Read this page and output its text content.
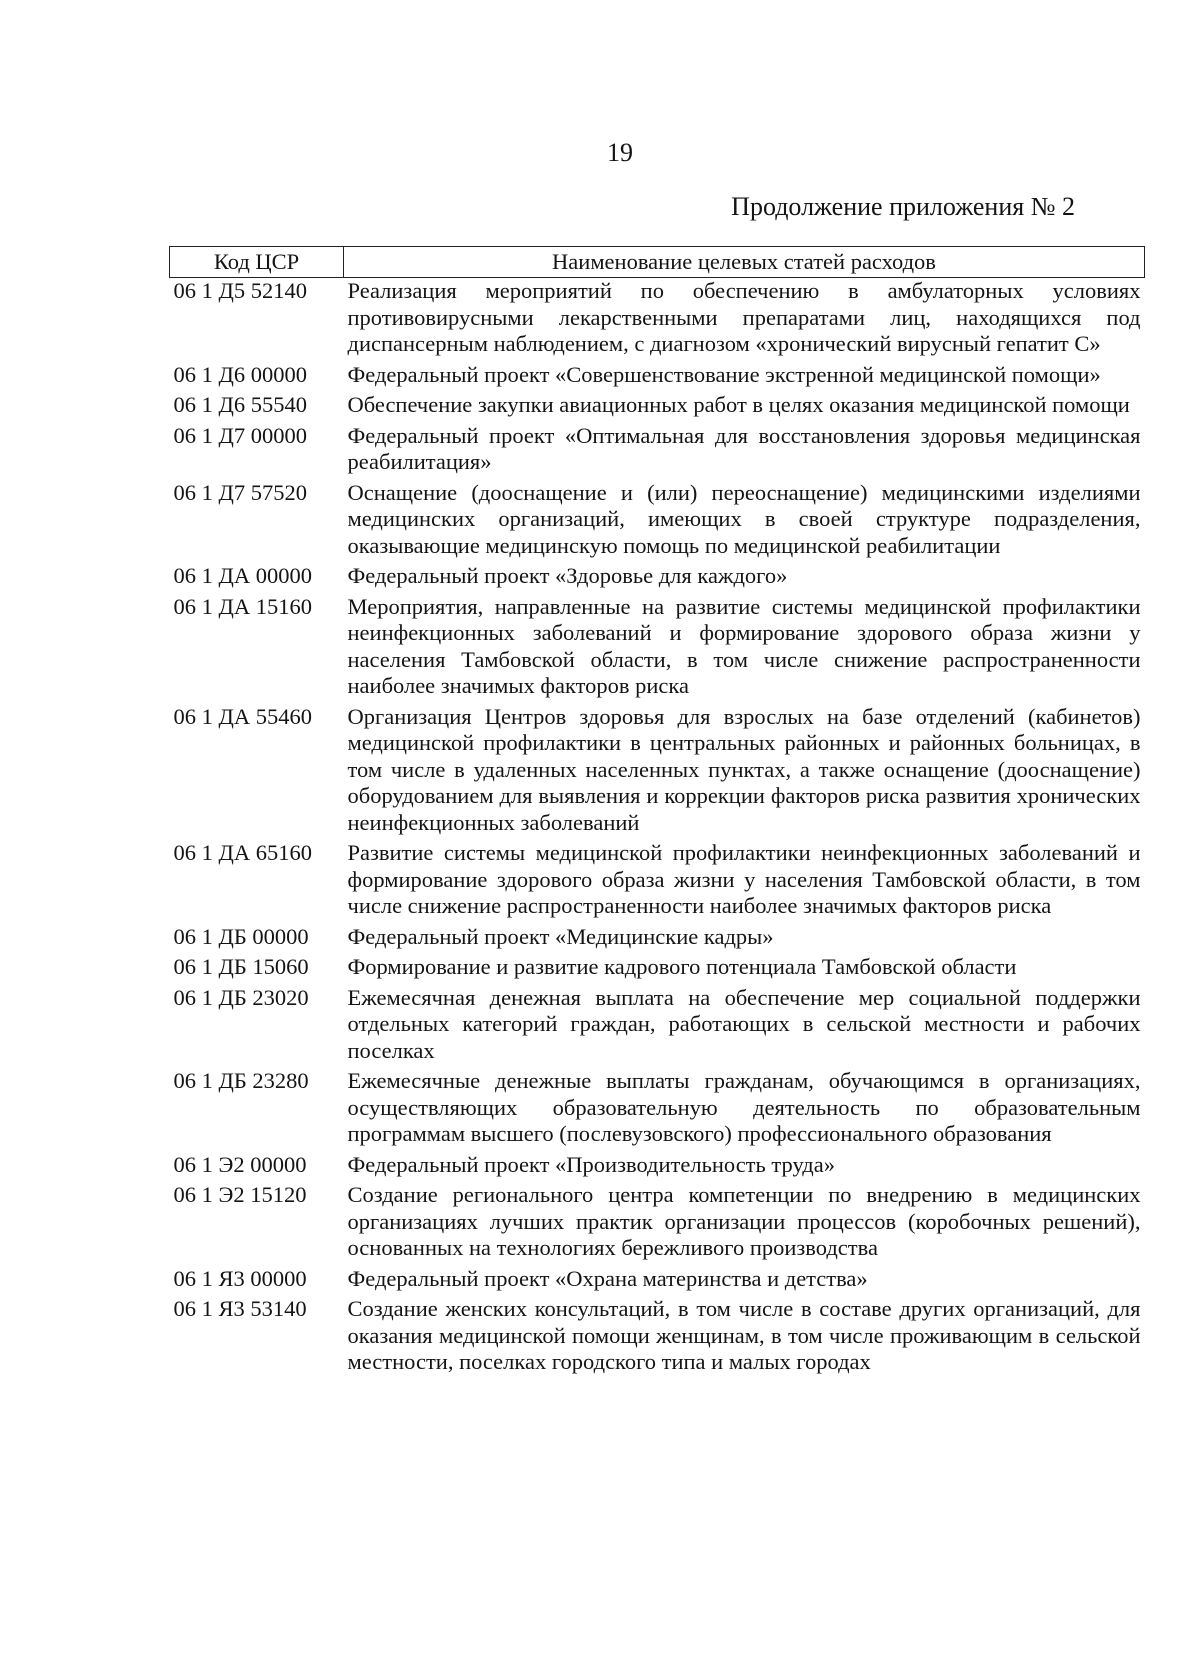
19
Продолжение приложения № 2
Код ЦСР	Наименование целевых статей расходов
06 1 Д5 52140	Реализация мероприятий по обеспечению в амбулаторных условиях противовирусными лекарственными препаратами лиц, находящихся под диспансерным наблюдением, с диагнозом «хронический вирусный гепатит С»
06 1 Д6 00000	Федеральный проект «Совершенствование экстренной медицинской помощи»
06 1 Д6 55540	Обеспечение закупки авиационных работ в целях оказания медицинской помощи
06 1 Д7 00000	Федеральный проект «Оптимальная для восстановления здоровья медицинская реабилитация»
06 1 Д7 57520	Оснащение (дооснащение и (или) переоснащение) медицинскими изделиями медицинских организаций, имеющих в своей структуре подразделения, оказывающие медицинскую помощь по медицинской реабилитации
06 1 ДА 00000	Федеральный проект «Здоровье для каждого»
06 1 ДА 15160	Мероприятия, направленные на развитие системы медицинской профилактики неинфекционных заболеваний и формирование здорового образа жизни у населения Тамбовской области, в том числе снижение распространенности наиболее значимых факторов риска
06 1 ДА 55460	Организация Центров здоровья для взрослых на базе отделений (кабинетов) медицинской профилактики в центральных районных и районных больницах, в том числе в удаленных населенных пунктах, а также оснащение (дооснащение) оборудованием для выявления и коррекции факторов риска развития хронических неинфекционных заболеваний
06 1 ДА 65160	Развитие системы медицинской профилактики неинфекционных заболеваний и формирование здорового образа жизни у населения Тамбовской области, в том числе снижение распространенности наиболее значимых факторов риска
06 1 ДБ 00000	Федеральный проект «Медицинские кадры»
06 1 ДБ 15060	Формирование и развитие кадрового потенциала Тамбовской области
06 1 ДБ 23020	Ежемесячная денежная выплата на обеспечение мер социальной поддержки отдельных категорий граждан, работающих в сельской местности и рабочих поселках
06 1 ДБ 23280	Ежемесячные денежные выплаты гражданам, обучающимся в организациях, осуществляющих образовательную деятельность по образовательным программам высшего (послевузовского) профессионального образования
06 1 Э2 00000	Федеральный проект «Производительность труда»
06 1 Э2 15120	Создание регионального центра компетенции по внедрению в медицинских организациях лучших практик организации процессов (коробочных решений), основанных на технологиях бережливого производства
06 1 Я3 00000	Федеральный проект «Охрана материнства и детства»
06 1 Я3 53140	Создание женских консультаций, в том числе в составе других организаций, для оказания медицинской помощи женщинам, в том числе проживающим в сельской местности, поселках городского типа и малых городах
